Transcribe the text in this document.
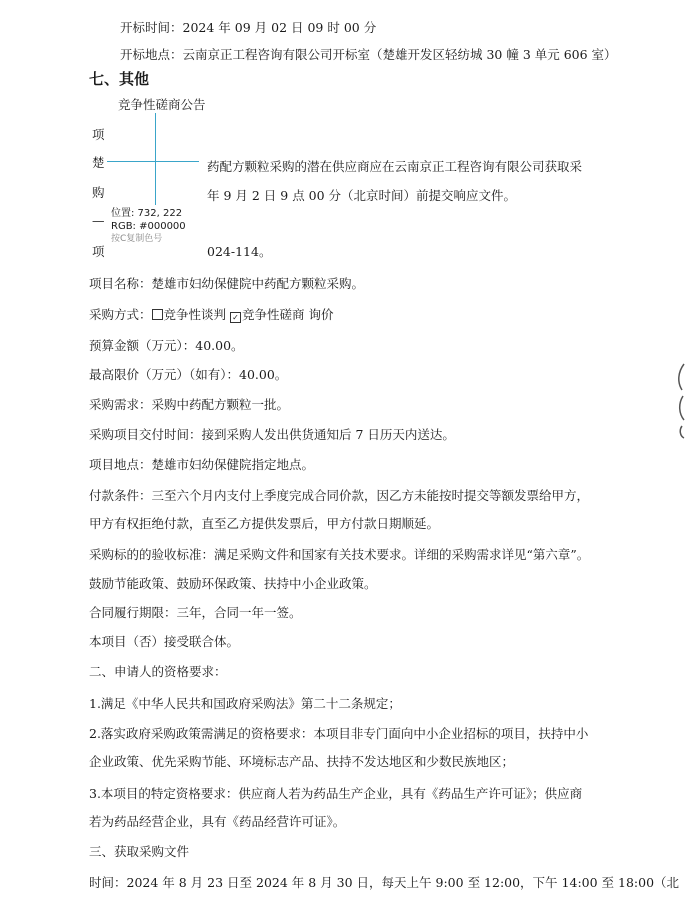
开标时间：2024 年 09 月 02 日 09 时 00 分
开标地点：云南京正工程咨询有限公司开标室（楚雄开发区轻纺城 30 幢 3 单元 606 室）
七、其他
竞争性磋商公告
项
楚
购
—
项
药配方颗粒采购的潜在供应商应在云南京正工程咨询有限公司获取采
年 9 月 2 日 9 点 00 分（北京时间）前提交响应文件。
024-114。
位置: 732, 222
RGB: #000000
按C复制色号
项目名称：楚雄市妇幼保健院中药配方颗粒采购。
采购方式： 竞争性谈判 ✓ 竞争性磋商 询价
预算金额（万元）：40.00。
最高限价（万元）（如有）：40.00。
采购需求：采购中药配方颗粒一批。
采购项目交付时间：接到采购人发出供货通知后 7 日历天内送达。
项目地点：楚雄市妇幼保健院指定地点。
付款条件：三至六个月内支付上季度完成合同价款，因乙方未能按时提交等额发票给甲方，
甲方有权拒绝付款，直至乙方提供发票后，甲方付款日期顺延。
采购标的的验收标准：满足采购文件和国家有关技术要求。详细的采购需求详见“第六章”。
鼓励节能政策、鼓励环保政策、扶持中小企业政策。
合同履行期限：三年，合同一年一签。
本项目（否）接受联合体。
二、申请人的资格要求：
1.满足《中华人民共和国政府采购法》第二十二条规定；
2.落实政府采购政策需满足的资格要求：本项目非专门面向中小企业招标的项目，扶持中小
企业政策、优先采购节能、环境标志产品、扶持不发达地区和少数民族地区；
3.本项目的特定资格要求：供应商人若为药品生产企业，具有《药品生产许可证》；供应商
若为药品经营企业，具有《药品经营许可证》。
三、获取采购文件
时间：2024 年 8 月 23 日至 2024 年 8 月 30 日，每天上午 9:00 至 12:00，下午 14:00 至 18:00（北
